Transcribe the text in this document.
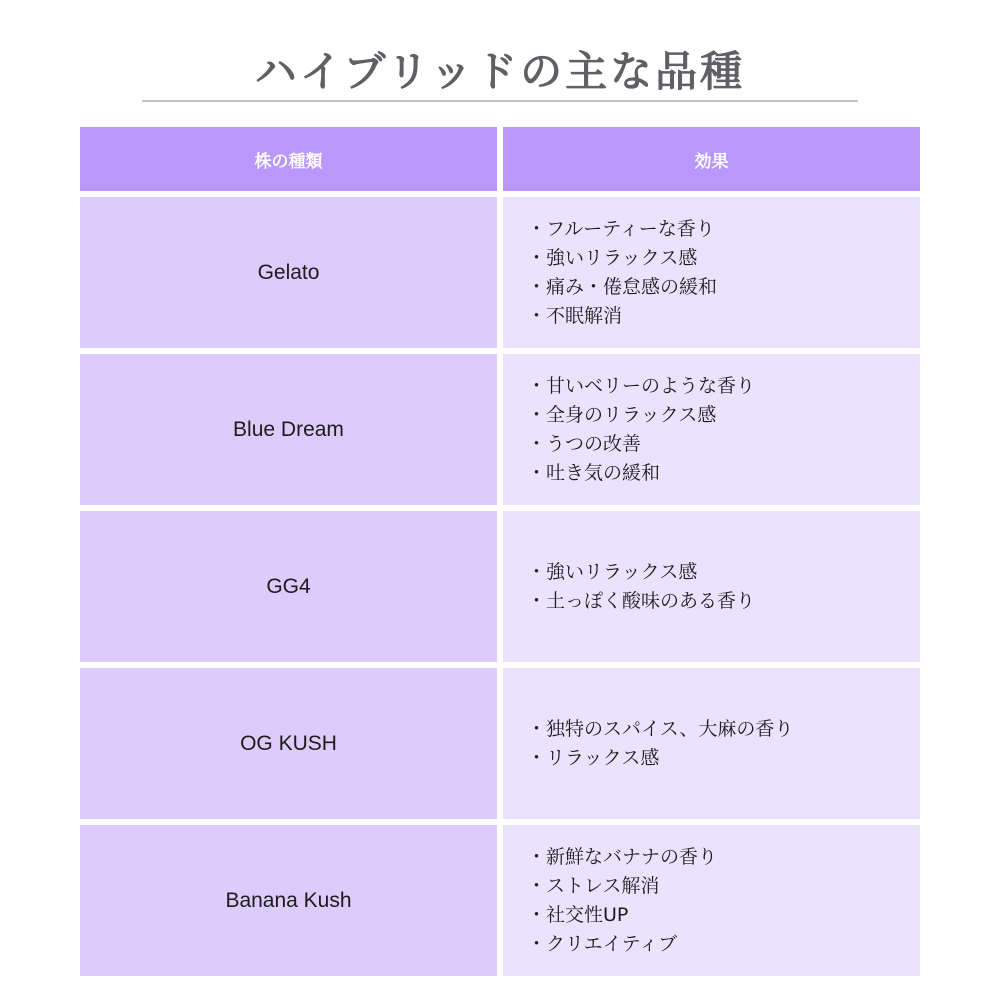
ハイブリッドの主な品種
株の種類	効果
Gelato
・フルーティーな香り
・強いリラックス感
・痛み・倦怠感の緩和
・不眠解消
Blue Dream
・甘いベリーのような香り
・全身のリラックス感
・うつの改善
・吐き気の緩和
GG4
・強いリラックス感
・土っぽく酸味のある香り
OG KUSH
・独特のスパイス、大麻の香り
・リラックス感
Banana Kush
・新鮮なバナナの香り
・ストレス解消
・社交性UP
・クリエイティブ
